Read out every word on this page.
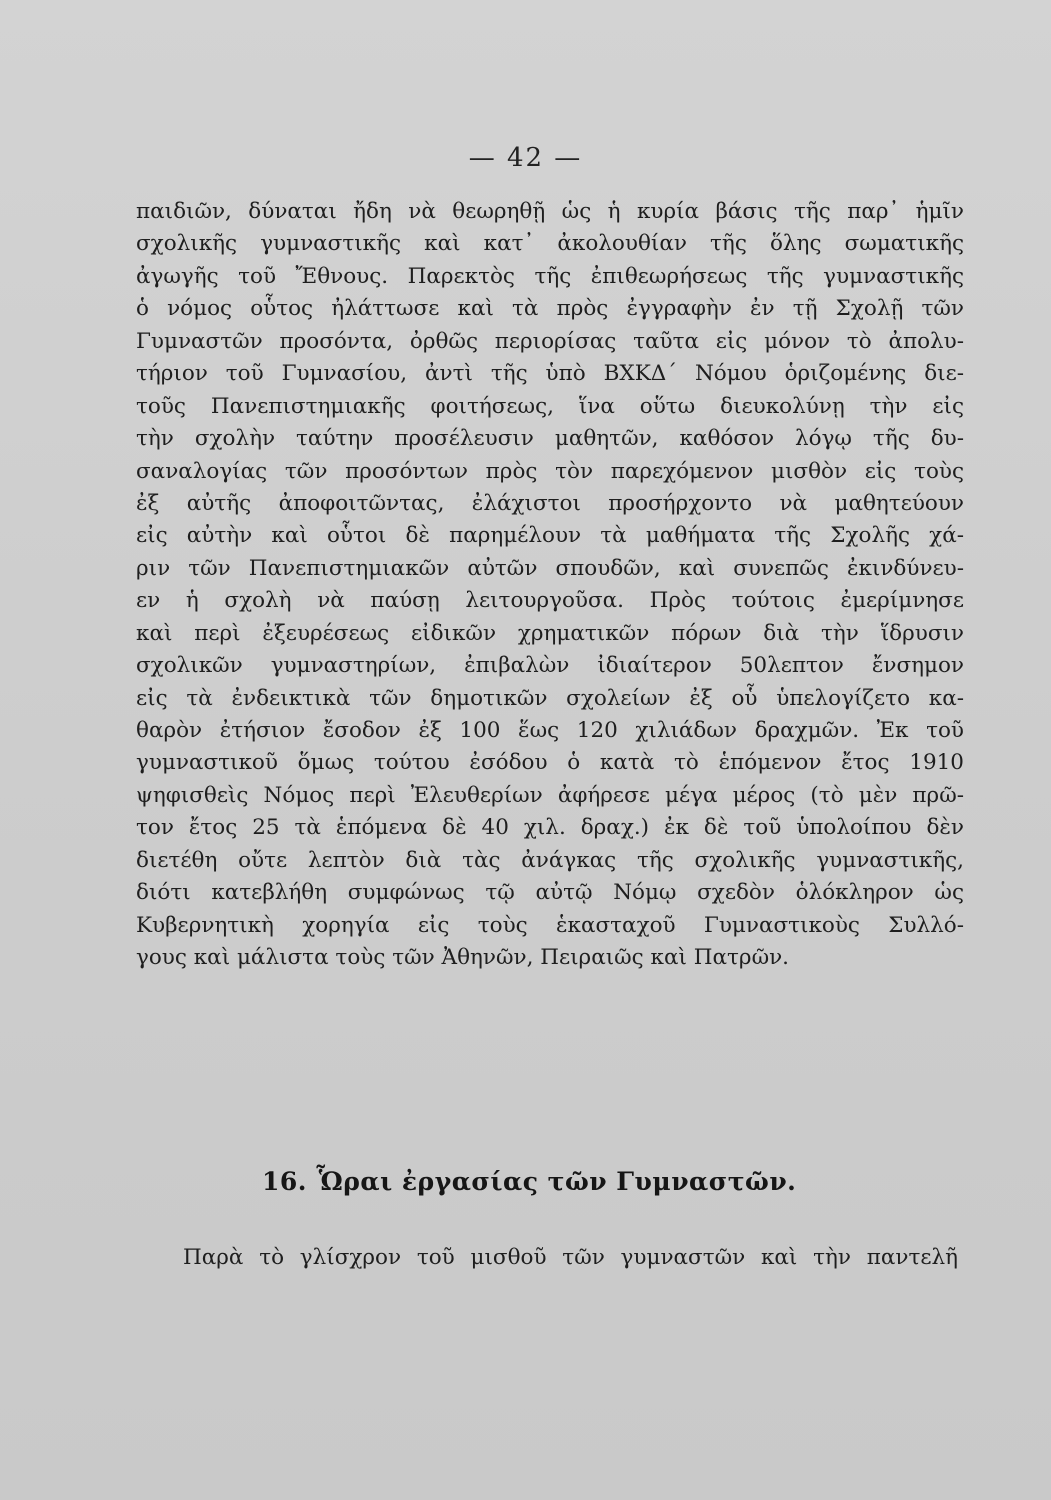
— 42 —
παιδιῶν, δύναται ἤδη νὰ θεωρηθῇ ὡς ἡ κυρία βάσις τῆς παρ᾽ ἡμῖν
σχολικῆς γυμναστικῆς καὶ κατ᾽ ἀκολουθίαν τῆς ὅλης σωματικῆς
ἀγωγῆς τοῦ Ἔθνους. Παρεκτὸς τῆς ἐπιθεωρήσεως τῆς γυμναστικῆς
ὁ νόμος οὗτος ἠλάττωσε καὶ τὰ πρὸς ἐγγραφὴν ἐν τῇ Σχολῇ τῶν
Γυμναστῶν προσόντα, ὀρθῶς περιορίσας ταῦτα εἰς μόνον τὸ ἀπολυ-
τήριον τοῦ Γυμνασίου, ἀντὶ τῆς ὑπὸ ΒΧΚΔ´ Νόμου ὁριζομένης διε-
τοῦς Πανεπιστημιακῆς φοιτήσεως, ἵνα οὕτω διευκολύνῃ τὴν εἰς
τὴν σχολὴν ταύτην προσέλευσιν μαθητῶν, καθόσον λόγῳ τῆς δυ-
σαναλογίας τῶν προσόντων πρὸς τὸν παρεχόμενον μισθὸν εἰς τοὺς
ἐξ αὐτῆς ἀποφοιτῶντας, ἐλάχιστοι προσήρχοντο νὰ μαθητεύουν
εἰς αὐτὴν καὶ οὗτοι δὲ παρημέλουν τὰ μαθήματα τῆς Σχολῆς χά-
ριν τῶν Πανεπιστημιακῶν αὐτῶν σπουδῶν, καὶ συνεπῶς ἐκινδύνευ-
εν ἡ σχολὴ νὰ παύσῃ λειτουργοῦσα. Πρὸς τούτοις ἐμερίμνησε
καὶ περὶ ἐξευρέσεως εἰδικῶν χρηματικῶν πόρων διὰ τὴν ἵδρυσιν
σχολικῶν γυμναστηρίων, ἐπιβαλὼν ἰδιαίτερον 50λεπτον ἔνσημον
εἰς τὰ ἐνδεικτικὰ τῶν δημοτικῶν σχολείων ἐξ οὗ ὑπελογίζετο κα-
θαρὸν ἐτήσιον ἔσοδον ἐξ 100 ἕως 120 χιλιάδων δραχμῶν. Ἐκ τοῦ
γυμναστικοῦ ὅμως τούτου ἐσόδου ὁ κατὰ τὸ ἑπόμενον ἔτος 1910
ψηφισθεὶς Νόμος περὶ Ἐλευθερίων ἀφήρεσε μέγα μέρος (τὸ μὲν πρῶ-
τον ἔτος 25 τὰ ἑπόμενα δὲ 40 χιλ. δραχ.) ἐκ δὲ τοῦ ὑπολοίπου δὲν
διετέθη οὔτε λεπτὸν διὰ τὰς ἀνάγκας τῆς σχολικῆς γυμναστικῆς,
διότι κατεβλήθη συμφώνως τῷ αὐτῷ Νόμῳ σχεδὸν ὁλόκληρον ὡς
Κυβερνητικὴ χορηγία εἰς τοὺς ἑκασταχοῦ Γυμναστικοὺς Συλλό-
γους καὶ μάλιστα τοὺς τῶν Ἀθηνῶν, Πειραιῶς καὶ Πατρῶν.
16. Ὧραι ἐργασίας τῶν Γυμναστῶν.
Παρὰ τὸ γλίσχρον τοῦ μισθοῦ τῶν γυμναστῶν καὶ τὴν παντελῆ
